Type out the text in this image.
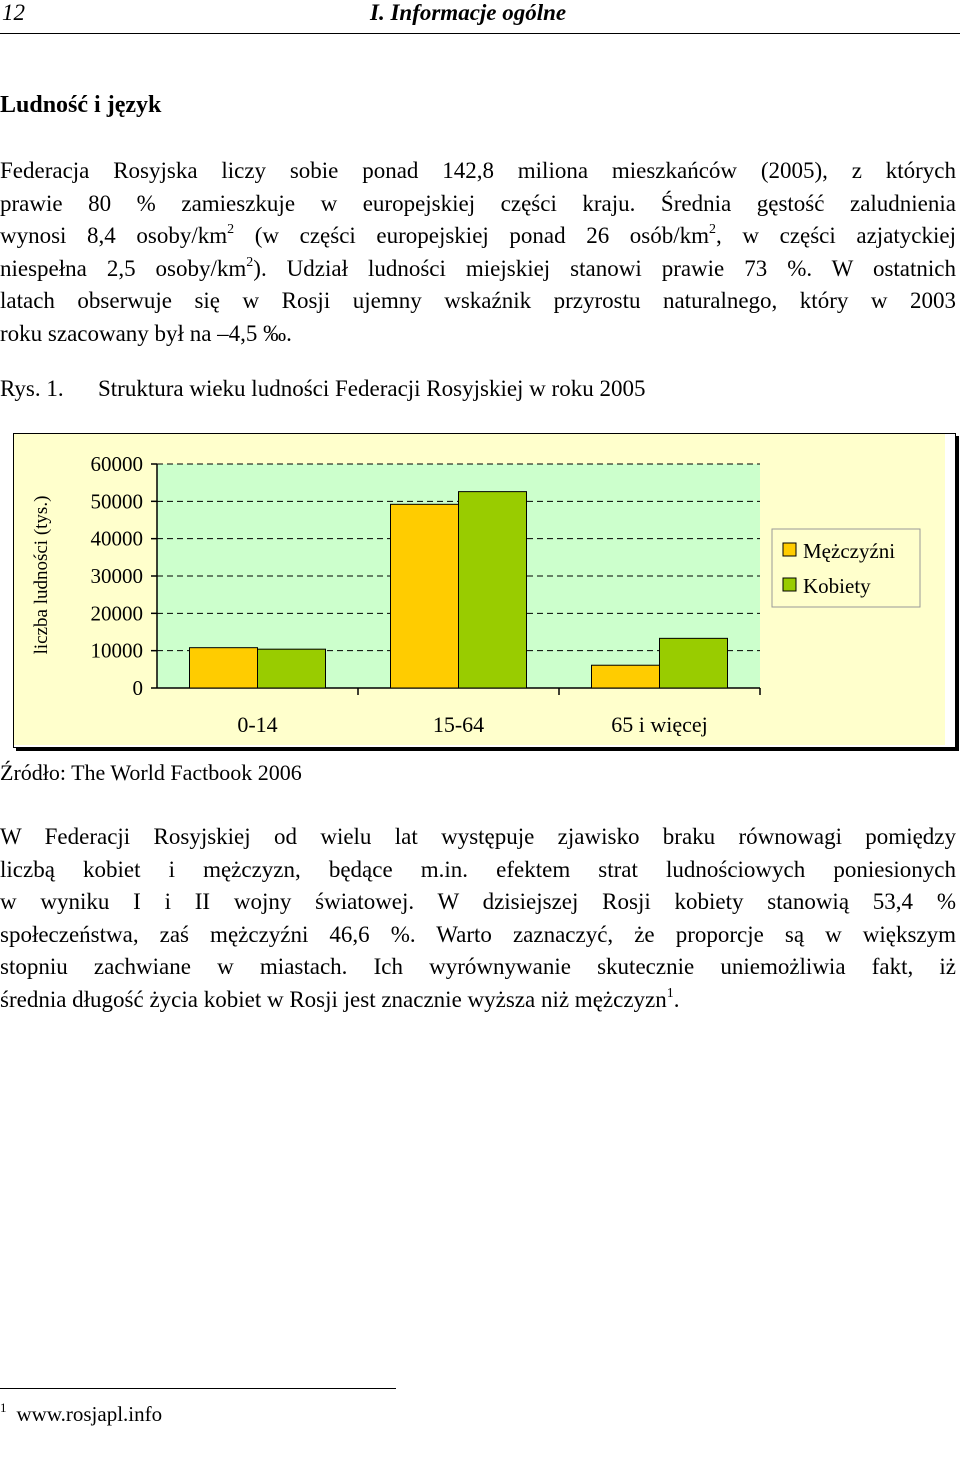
12	I. Informacje ogólne
Ludność i język

Federacja Rosyjska liczy sobie ponad 142,8 miliona mieszkańców (2005), z których
prawie 80 % zamieszkuje w europejskiej części kraju. Średnia gęstość zaludnienia
wynosi 8,4 osoby/$km^2$ (w części europejskiej ponad 26 osób/$km^2$, w części azjatyckiej
niespełna 2,5 osoby/$km^2$). Udział ludności miejskiej stanowi prawie 73 %. W ostatnich
latach obserwuje się w Rosji ujemny wskaźnik przyrostu naturalnego, który w 2003
roku szacowany był na –4,5 ‰.

Rys. 1. Struktura wieku ludności Federacji Rosyjskiej w roku 2005
0
10000
20000
30000
40000
50000
60000
0-14	15-64	65 i więcej
Mężczyźni
Kobiety
liczba ludności (tys.)
Źródło: The World Factbook 2006

W Federacji Rosyjskiej od wielu lat występuje zjawisko braku równowagi pomiędzy
liczbą kobiet i mężczyzn, będące m.in. efektem strat ludnościowych poniesionych
w wyniku I i II wojny światowej. W dzisiejszej Rosji kobiety stanowią 53,4 %
społeczeństwa, zaś mężczyźni 46,6 %. Warto zaznaczyć, że proporcje są w większym
stopniu zachwiane w miastach. Ich wyrównywanie skutecznie uniemożliwia fakt, iż
średnia długość życia kobiet w Rosji jest znacznie wyższa niż mężczyzn$^1$.

$^1$ www.rosjapl.info
